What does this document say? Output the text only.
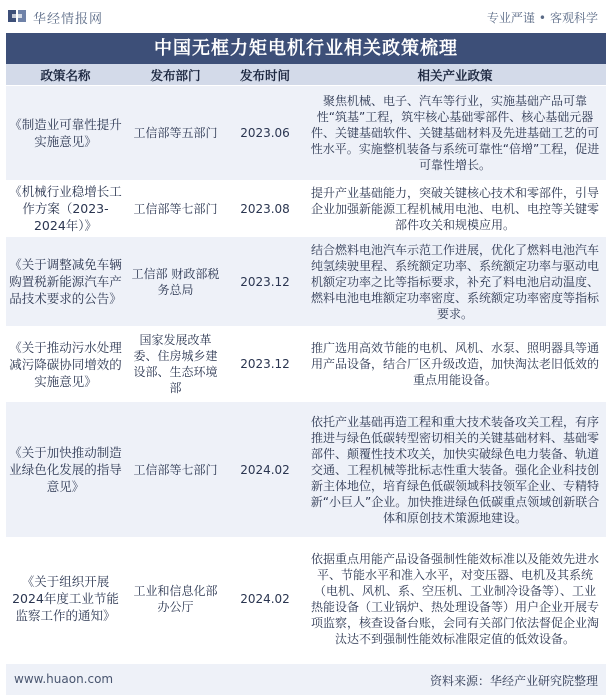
华经情报网	专业严谨 • 客观科学
中国无框力矩电机行业相关政策梳理
政策名称	发布部门	发布时间	相关产业政策
《制造业可靠性提升实施意见》	工信部等五部门	2023.06	聚焦机械、电子、汽车等行业，实施基础产品可靠性“筑基”工程，筑牢核心基础零部件、核心基础元器件、关键基础软件、关键基础材料及先进基础工艺的可性水平。实施整机装备与系统可靠性“倍增”工程，促进可靠性增长。
《机械行业稳增长工作方案（2023-2024年）》	工信部等七部门	2023.08	提升产业基础能力，突破关键核心技术和零部件，引导企业加强新能源工程机械用电池、电机、电控等关键零部件攻关和规模应用。
《关于调整减免车辆购置税新能源汽车产品技术要求的公告》	工信部 财政部税务总局	2023.12	结合燃料电池汽车示范工作进展，优化了燃料电池汽车纯氢续驶里程、系统额定功率、系统额定功率与驱动电机额定功率之比等指标要求，补充了料电池启动温度、燃料电池电堆额定功率密度、系统额定功率密度等指标要求。
《关于推动污水处理减污降碳协同增效的实施意见》	国家发展改革委、住房城乡建设部、生态环境部	2023.12	推广选用高效节能的电机、风机、水泵、照明器具等通用产品设备，结合厂区升级改造，加快淘汰老旧低效的重点用能设备。
《关于加快推动制造业绿色化发展的指导意见》	工信部等七部门	2024.02	依托产业基础再造工程和重大技术装备攻关工程，有序推进与绿色低碳转型密切相关的关键基础材料、基础零部件、颠覆性技术攻关，加快实破绿色电力装备、轨道交通、工程机械等批标志性重大装备。强化企业科技创新主体地位，培育绿色低碳领域科技领军企业、专精特新“小巨人”企业。加快推进绿色低碳重点领域创新联合体和原创技术策源地建设。
《关于组织开展2024年度工业节能监察工作的通知》	工业和信息化部办公厅	2024.02	依据重点用能产品设备强制性能效标准以及能效先进水平、节能水平和准入水平，对变压器、电机及其系统（电机、风机、系、空压机、工业制冷设备等）、工业热能设备（工业锅炉、热处理设备等）用户企业开展专项监察，核查设备台账，会同有关部门依法督促企业淘汰达不到强制性能效标准限定值的低效设备。
www.huaon.com	资料来源：华经产业研究院整理
